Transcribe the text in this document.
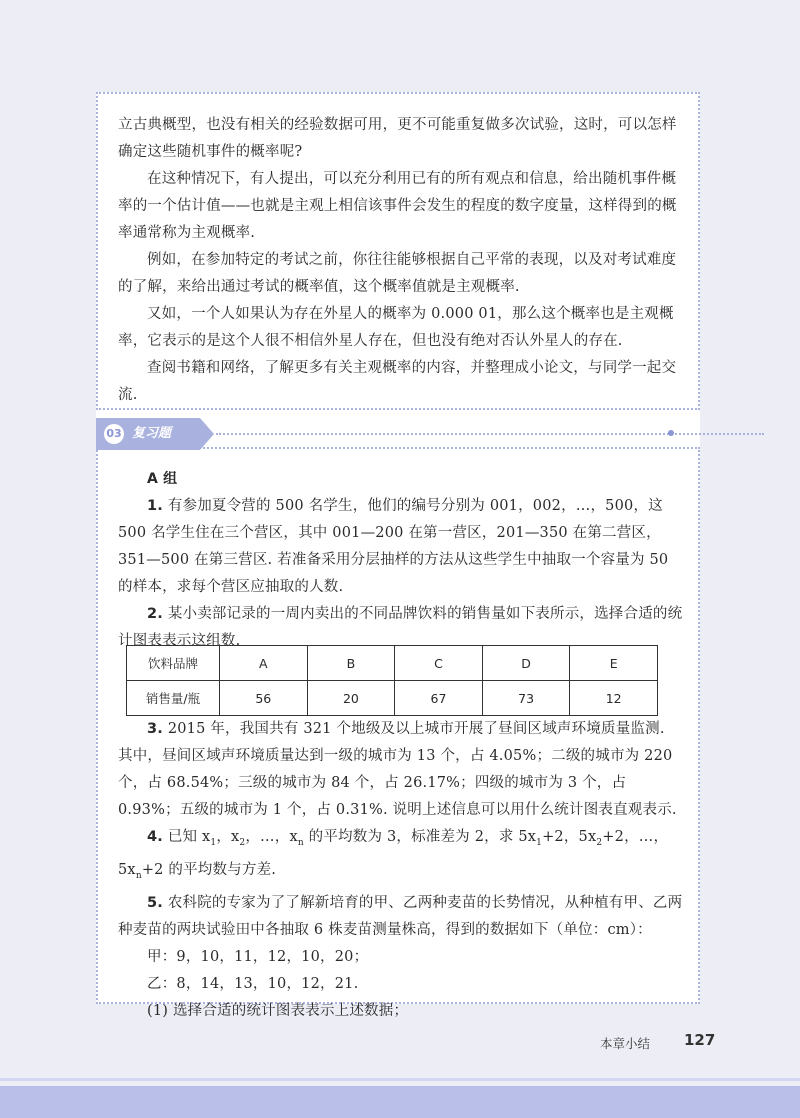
立古典概型，也没有相关的经验数据可用，更不可能重复做多次试验，这时，可以怎样确定这些随机事件的概率呢?

在这种情况下，有人提出，可以充分利用已有的所有观点和信息，给出随机事件概率的一个估计值——也就是主观上相信该事件会发生的程度的数字度量，这样得到的概率通常称为主观概率.

例如，在参加特定的考试之前，你往往能够根据自己平常的表现，以及对考试难度的了解，来给出通过考试的概率值，这个概率值就是主观概率.

又如，一个人如果认为存在外星人的概率为 0.000 01，那么这个概率也是主观概率，它表示的是这个人很不相信外星人存在，但也没有绝对否认外星人的存在.

查阅书籍和网络，了解更多有关主观概率的内容，并整理成小论文，与同学一起交流.

03 复习题

A 组

1. 有参加夏令营的 500 名学生，他们的编号分别为 001，002，…，500，这 500 名学生住在三个营区，其中 001—200 在第一营区，201—350 在第二营区，351—500 在第三营区. 若准备采用分层抽样的方法从这些学生中抽取一个容量为 50 的样本，求每个营区应抽取的人数.

2. 某小卖部记录的一周内卖出的不同品牌饮料的销售量如下表所示，选择合适的统计图表表示这组数.

饮料品牌	A	B	C	D	E
销售量/瓶	56	20	67	73	12

3. 2015 年，我国共有 321 个地级及以上城市开展了昼间区域声环境质量监测. 其中，昼间区域声环境质量达到一级的城市为 13 个，占 4.05%；二级的城市为 220 个，占 68.54%；三级的城市为 84 个，占 26.17%；四级的城市为 3 个，占 0.93%；五级的城市为 1 个，占 0.31%. 说明上述信息可以用什么统计图表直观表示.

4. 已知 $x_1$，$x_2$，…，$x_n$ 的平均数为 3，标准差为 2，求 $5x_1+2$，$5x_2+2$，…，$5x_n+2$ 的平均数与方差.

5. 农科院的专家为了了解新培育的甲、乙两种麦苗的长势情况，从种植有甲、乙两种麦苗的两块试验田中各抽取 6 株麦苗测量株高，得到的数据如下（单位：cm）：

甲：9，10，11，12，10，20；

乙：8，14，13，10，12，21.

(1) 选择合适的统计图表表示上述数据；

本章小结 127
